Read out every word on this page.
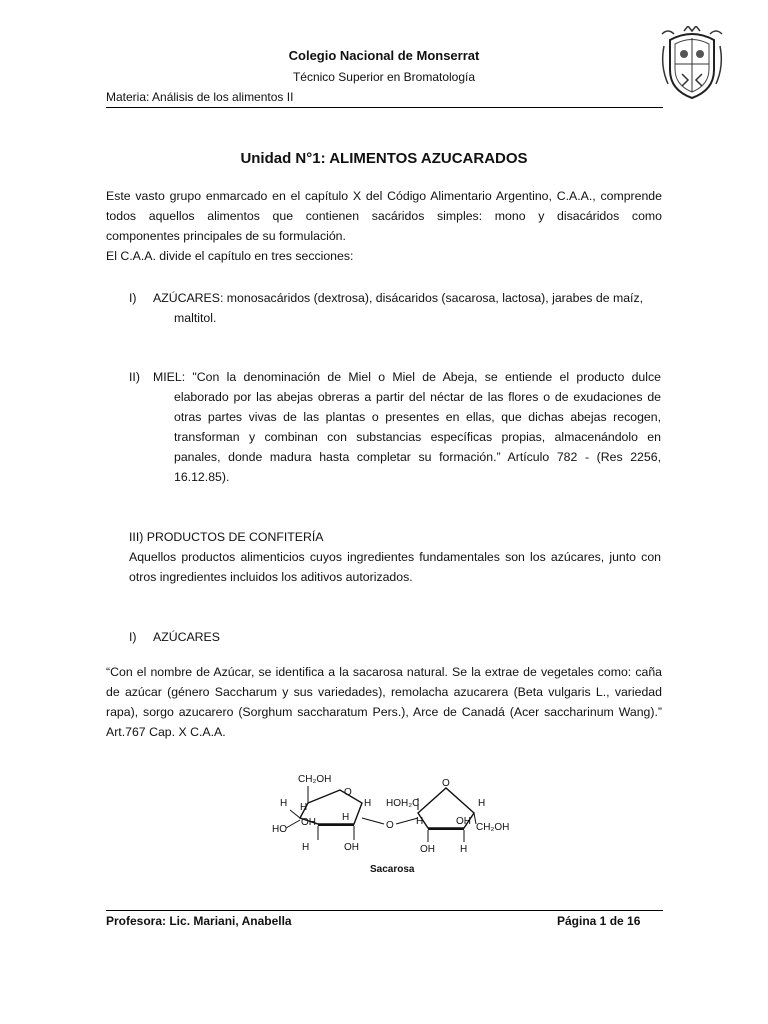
Colegio Nacional de Monserrat
Técnico Superior en Bromatología
Materia: Análisis de los alimentos II
Unidad N°1: ALIMENTOS AZUCARADOS
Este vasto grupo enmarcado en el capítulo X del Código Alimentario Argentino, C.A.A., comprende
todos aquellos alimentos que contienen sacáridos simples: mono y disacáridos como
componentes principales de su formulación.
El C.A.A. divide el capítulo en tres secciones:
I) AZÚCARES: monosacáridos (dextrosa), disácaridos (sacarosa, lactosa), jarabes de maíz,
maltitol.
II) MIEL: "Con la denominación de Miel o Miel de Abeja, se entiende el producto dulce
elaborado por las abejas obreras a partir del néctar de las flores o de exudaciones de
otras partes vivas de las plantas o presentes en ellas, que dichas abejas recogen,
transforman y combinan con substancias específicas propias, almacenándolo en
panales, donde madura hasta completar su formación.” Artículo 782 - (Res 2256,
16.12.85).
III) PRODUCTOS DE CONFITERÍA
Aquellos productos alimenticios cuyos ingredientes fundamentales son los azúcares, junto con
otros ingredientes incluidos los aditivos autorizados.
I) AZÚCARES
“Con el nombre de Azúcar, se identifica a la sacarosa natural. Se la extrae de vegetales como: caña
de azúcar (género Saccharum y sus variedades), remolacha azucarera (Beta vulgaris L., variedad
rapa), sorgo azucarero (Sorghum saccharatum Pers.), Arce de Canadá (Acer saccharinum Wang).”
Art.767 Cap. X C.A.A.
CH₂OH
O
H H
HO
OH	H
H
H	OH
O
O
HOH₂C	H
H	OH
CH₂OH
OH	H
Sacarosa
Profesora: Lic. Mariani, Anabella	Página 1 de 16
